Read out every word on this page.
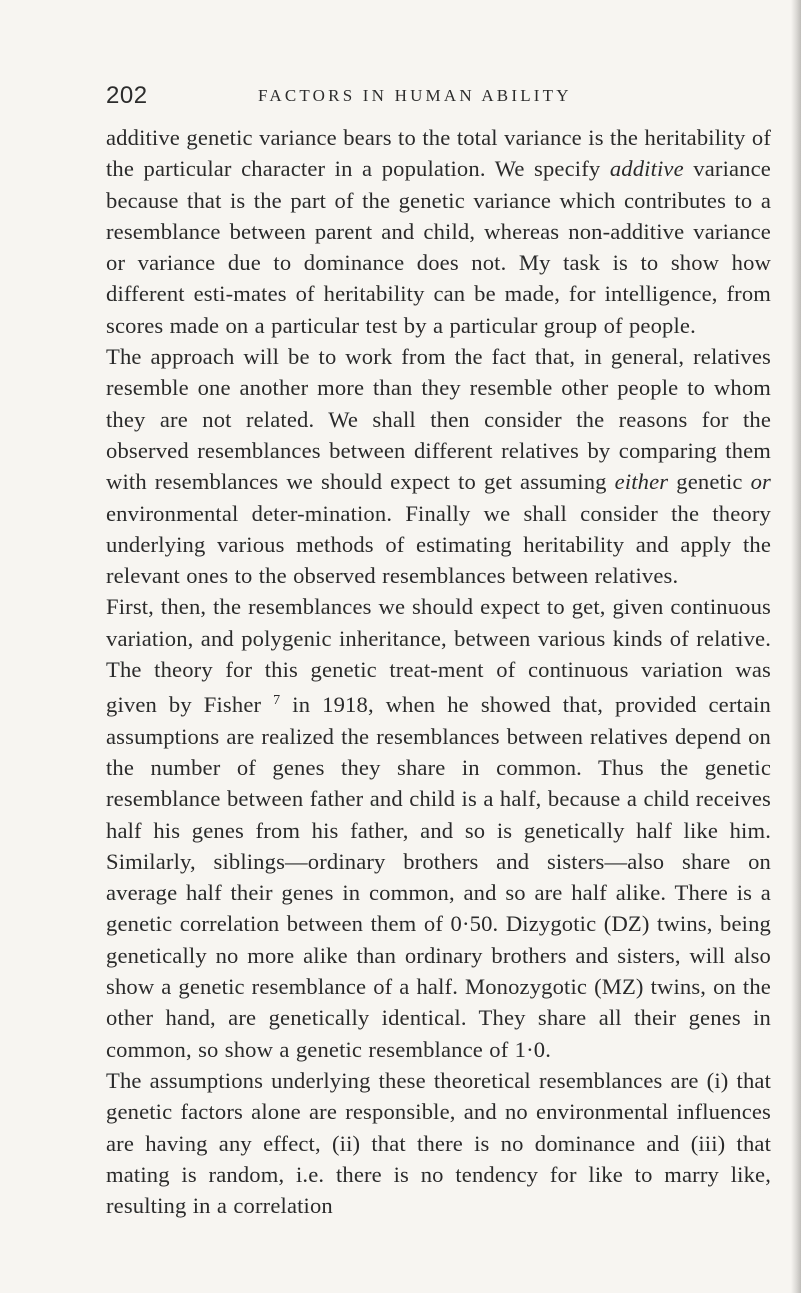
202	FACTORS IN HUMAN ABILITY

additive genetic variance bears to the total variance is the heritability of the particular character in a population. We specify additive variance because that is the part of the genetic variance which contributes to a resemblance between parent and child, whereas non-additive variance or variance due to dominance does not. My task is to show how different esti-mates of heritability can be made, for intelligence, from scores made on a particular test by a particular group of people.

The approach will be to work from the fact that, in general, relatives resemble one another more than they resemble other people to whom they are not related. We shall then consider the reasons for the observed resemblances between different relatives by comparing them with resemblances we should expect to get assuming either genetic or environmental deter-mination. Finally we shall consider the theory underlying various methods of estimating heritability and apply the relevant ones to the observed resemblances between relatives.

First, then, the resemblances we should expect to get, given continuous variation, and polygenic inheritance, between various kinds of relative. The theory for this genetic treat-ment of continuous variation was given by Fisher $^7$ in 1918, when he showed that, provided certain assumptions are realized the resemblances between relatives depend on the number of genes they share in common. Thus the genetic resemblance between father and child is a half, because a child receives half his genes from his father, and so is genetically half like him. Similarly, siblings—ordinary brothers and sisters—also share on average half their genes in common, and so are half alike. There is a genetic correlation between them of 0·50. Dizygotic (DZ) twins, being genetically no more alike than ordinary brothers and sisters, will also show a genetic resemblance of a half. Monozygotic (MZ) twins, on the other hand, are genetically identical. They share all their genes in common, so show a genetic resemblance of 1·0.

The assumptions underlying these theoretical resemblances are (i) that genetic factors alone are responsible, and no environmental influences are having any effect, (ii) that there is no dominance and (iii) that mating is random, i.e. there is no tendency for like to marry like, resulting in a correlation
